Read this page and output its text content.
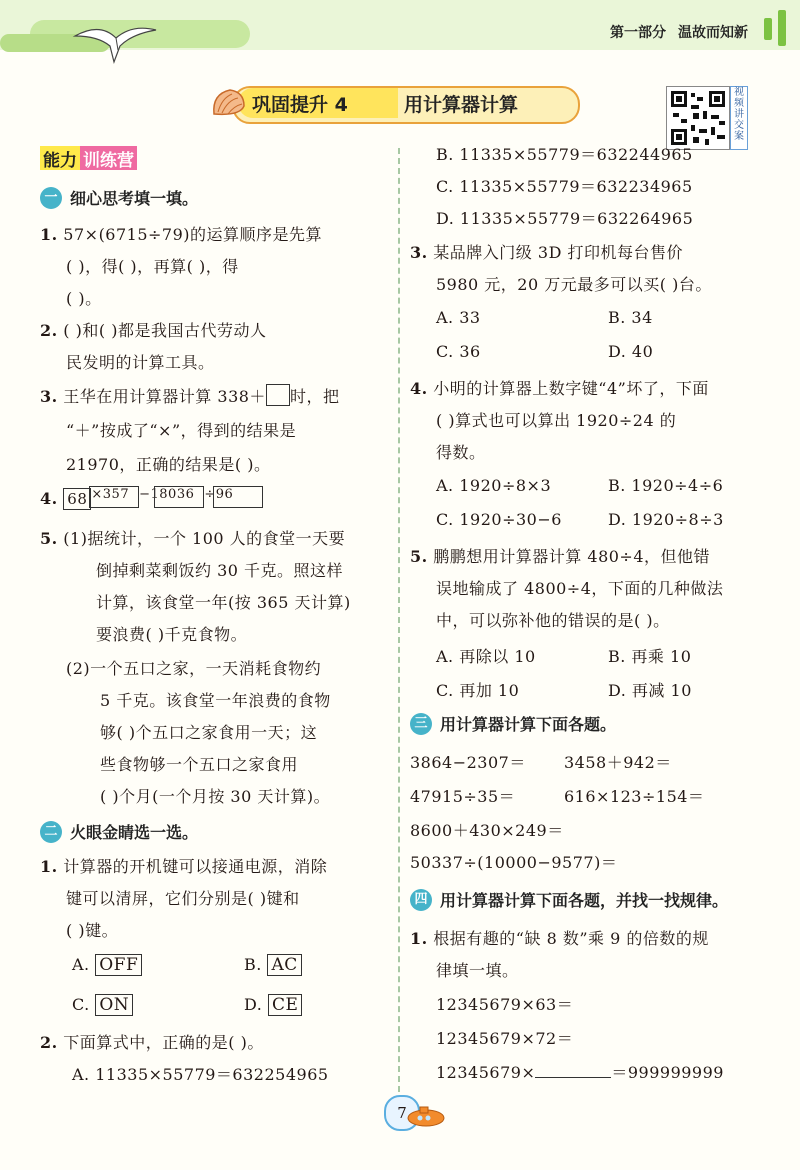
第一部分 温故而知新
巩固提升 4	用计算器计算
视频讲交案
能力 训练营
一 细心思考填一填。
1. 57×(6715÷79)的运算顺序是先算
( )，得( )，再算( )，得
( )。
2. ( )和( )都是我国古代劳动人
民发明的计算工具。
3. 王华在用计算器计算 338＋ 时，把
“＋”按成了“×”，得到的结果是
21970，正确的结果是( )。
4. 68 $^{\times 357}$ $^{-18036}$ $^{\div 96}$
5. (1)据统计，一个 100 人的食堂一天要
倒掉剩菜剩饭约 30 千克。照这样
计算，该食堂一年(按 365 天计算)
要浪费( )千克食物。
(2)一个五口之家，一天消耗食物约
5 千克。该食堂一年浪费的食物
够( )个五口之家食用一天；这
些食物够一个五口之家食用
( )个月(一个月按 30 天计算)。
二 火眼金睛选一选。
1. 计算器的开机键可以接通电源，消除
键可以清屏，它们分别是( )键和
( )键。
A. OFF	B. AC
C. ON	D. CE
2. 下面算式中，正确的是( )。
A. 11335×55779＝632254965
B. 11335×55779＝632244965
C. 11335×55779＝632234965
D. 11335×55779＝632264965
3. 某品牌入门级 3D 打印机每台售价
5980 元，20 万元最多可以买( )台。
A. 33	B. 34
C. 36	D. 40
4. 小明的计算器上数字键“4”坏了，下面
( )算式也可以算出 1920÷24 的
得数。
A. 1920÷8×3	B. 1920÷4÷6
C. 1920÷30−6	D. 1920÷8÷3
5. 鹏鹏想用计算器计算 480÷4，但他错
误地输成了 4800÷4，下面的几种做法
中，可以弥补他的错误的是( )。
A. 再除以 10	B. 再乘 10
C. 再加 10	D. 再减 10
三 用计算器计算下面各题。
3864−2307＝ 3458＋942＝
47915÷35＝	616×123÷154＝
8600＋430×249＝
50337÷(10000−9577)＝
四 用计算器计算下面各题，并找一找规律。
1. 根据有趣的“缺 8 数”乘 9 的倍数的规
律填一填。
12345679×63＝
12345679×72＝
12345679×	＝999999999
7
